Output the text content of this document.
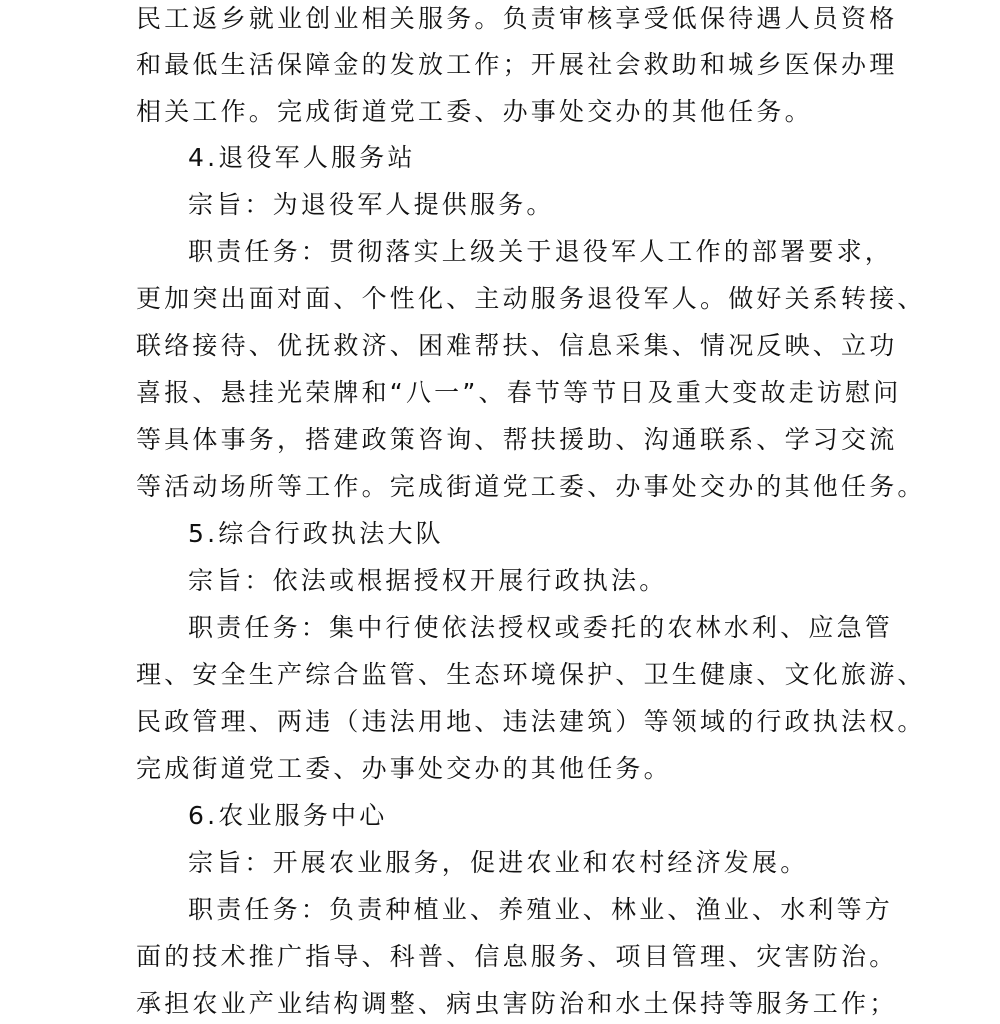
民工返乡就业创业相关服务。负责审核享受低保待遇人员资格
和最低生活保障金的发放工作；开展社会救助和城乡医保办理
相关工作。完成街道党工委、办事处交办的其他任务。
4.退役军人服务站
宗旨：为退役军人提供服务。
职责任务：贯彻落实上级关于退役军人工作的部署要求，
更加突出面对面、个性化、主动服务退役军人。做好关系转接、
联络接待、优抚救济、困难帮扶、信息采集、情况反映、立功
喜报、悬挂光荣牌和“八一”、春节等节日及重大变故走访慰问
等具体事务，搭建政策咨询、帮扶援助、沟通联系、学习交流
等活动场所等工作。完成街道党工委、办事处交办的其他任务。
5.综合行政执法大队
宗旨：依法或根据授权开展行政执法。
职责任务：集中行使依法授权或委托的农林水利、应急管
理、安全生产综合监管、生态环境保护、卫生健康、文化旅游、
民政管理、两违（违法用地、违法建筑）等领域的行政执法权。
完成街道党工委、办事处交办的其他任务。
6.农业服务中心
宗旨：开展农业服务，促进农业和农村经济发展。
职责任务：负责种植业、养殖业、林业、渔业、水利等方
面的技术推广指导、科普、信息服务、项目管理、灾害防治。
承担农业产业结构调整、病虫害防治和水土保持等服务工作；
